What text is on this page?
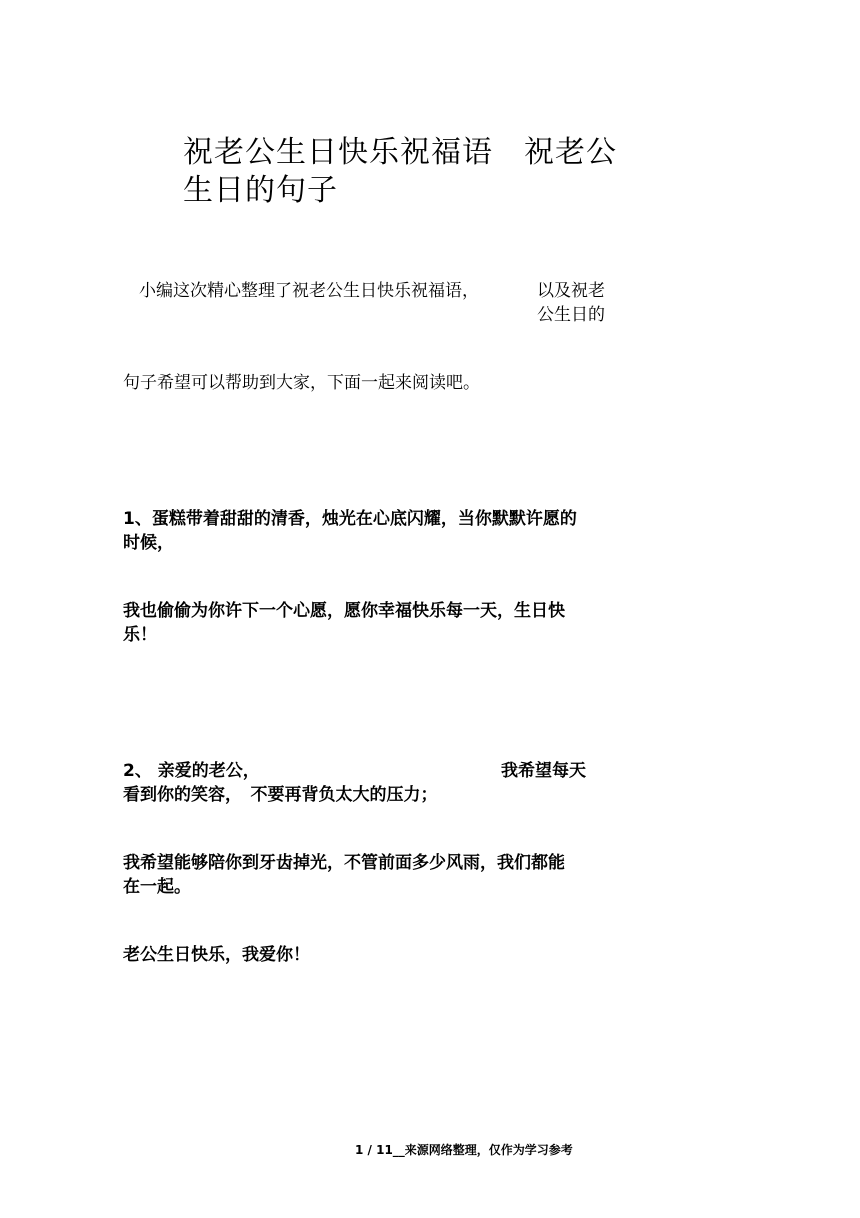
祝老公生日快乐祝福语　祝老公
生日的句子
小编这次精心整理了祝老公生日快乐祝福语，	以及祝老
公生日的
句子希望可以帮助到大家，下面一起来阅读吧。
1、蛋糕带着甜甜的清香，烛光在心底闪耀，当你默默许愿的
时候，
我也偷偷为你许下一个心愿，愿你幸福快乐每一天，生日快
乐！
2、 亲爱的老公，	我希望每天
看到你的笑容，　不要再背负太大的压力；
我希望能够陪你到牙齿掉光，不管前面多少风雨，我们都能
在一起。
老公生日快乐，我爱你！
1 / 11__来源网络整理，仅作为学习参考
